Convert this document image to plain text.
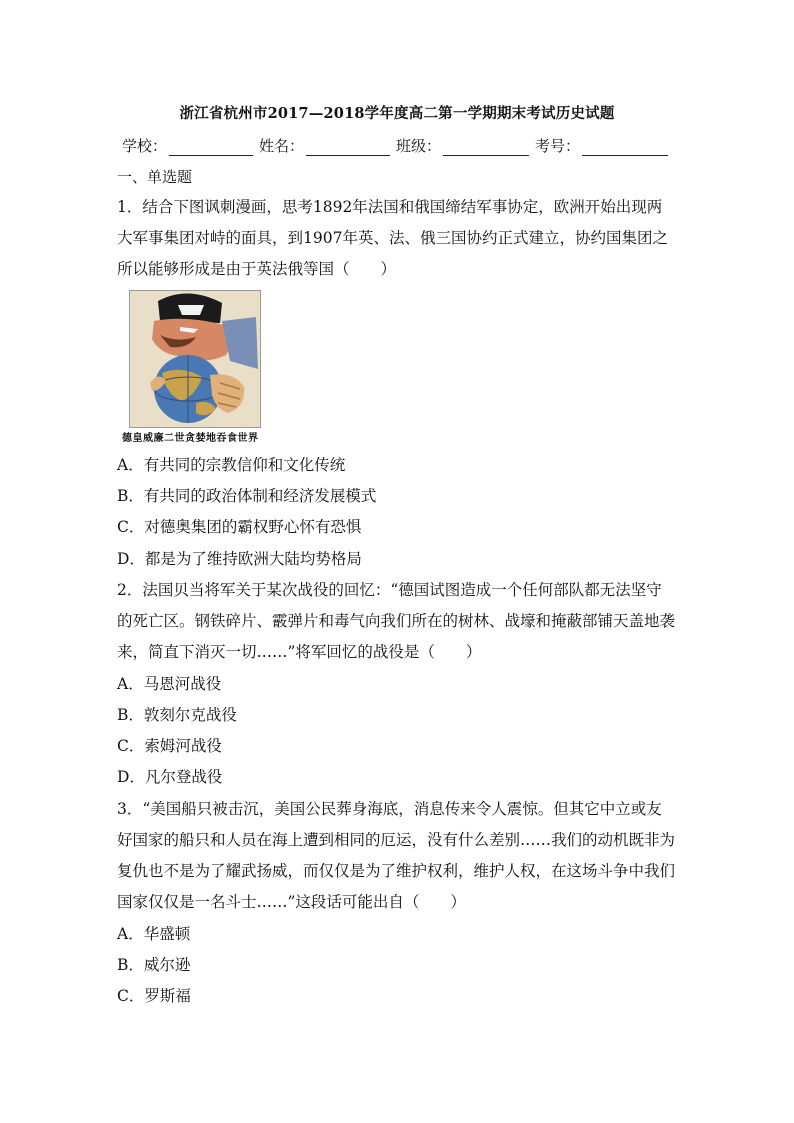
浙江省杭州市2017—2018学年度高二第一学期期末考试历史试题
学校：	姓名：	班级：	考号：
一、单选题
1．结合下图讽刺漫画，思考1892年法国和俄国缔结军事协定，欧洲开始出现两大军事集团对峙的面具，到1907年英、法、俄三国协约正式建立，协约国集团之所以能够形成是由于英法俄等国（　　）
德皇威廉二世贪婪地吞食世界
A．有共同的宗教信仰和文化传统
B．有共同的政治体制和经济发展模式
C．对德奥集团的霸权野心怀有恐惧
D．都是为了维持欧洲大陆均势格局
2．法国贝当将军关于某次战役的回忆：“德国试图造成一个任何部队都无法坚守的死亡区。钢铁碎片、霰弹片和毒气向我们所在的树林、战壕和掩蔽部铺天盖地袭来，简直下消灭一切……”将军回忆的战役是（　　）
A．马恩河战役
B．敦刻尔克战役
C．索姆河战役
D．凡尔登战役
3．“美国船只被击沉，美国公民葬身海底，消息传来令人震惊。但其它中立或友好国家的船只和人员在海上遭到相同的厄运，没有什么差别……我们的动机既非为复仇也不是为了耀武扬威，而仅仅是为了维护权利，维护人权，在这场斗争中我们国家仅仅是一名斗士……”这段话可能出自（　　）
A．华盛顿
B．威尔逊
C．罗斯福
